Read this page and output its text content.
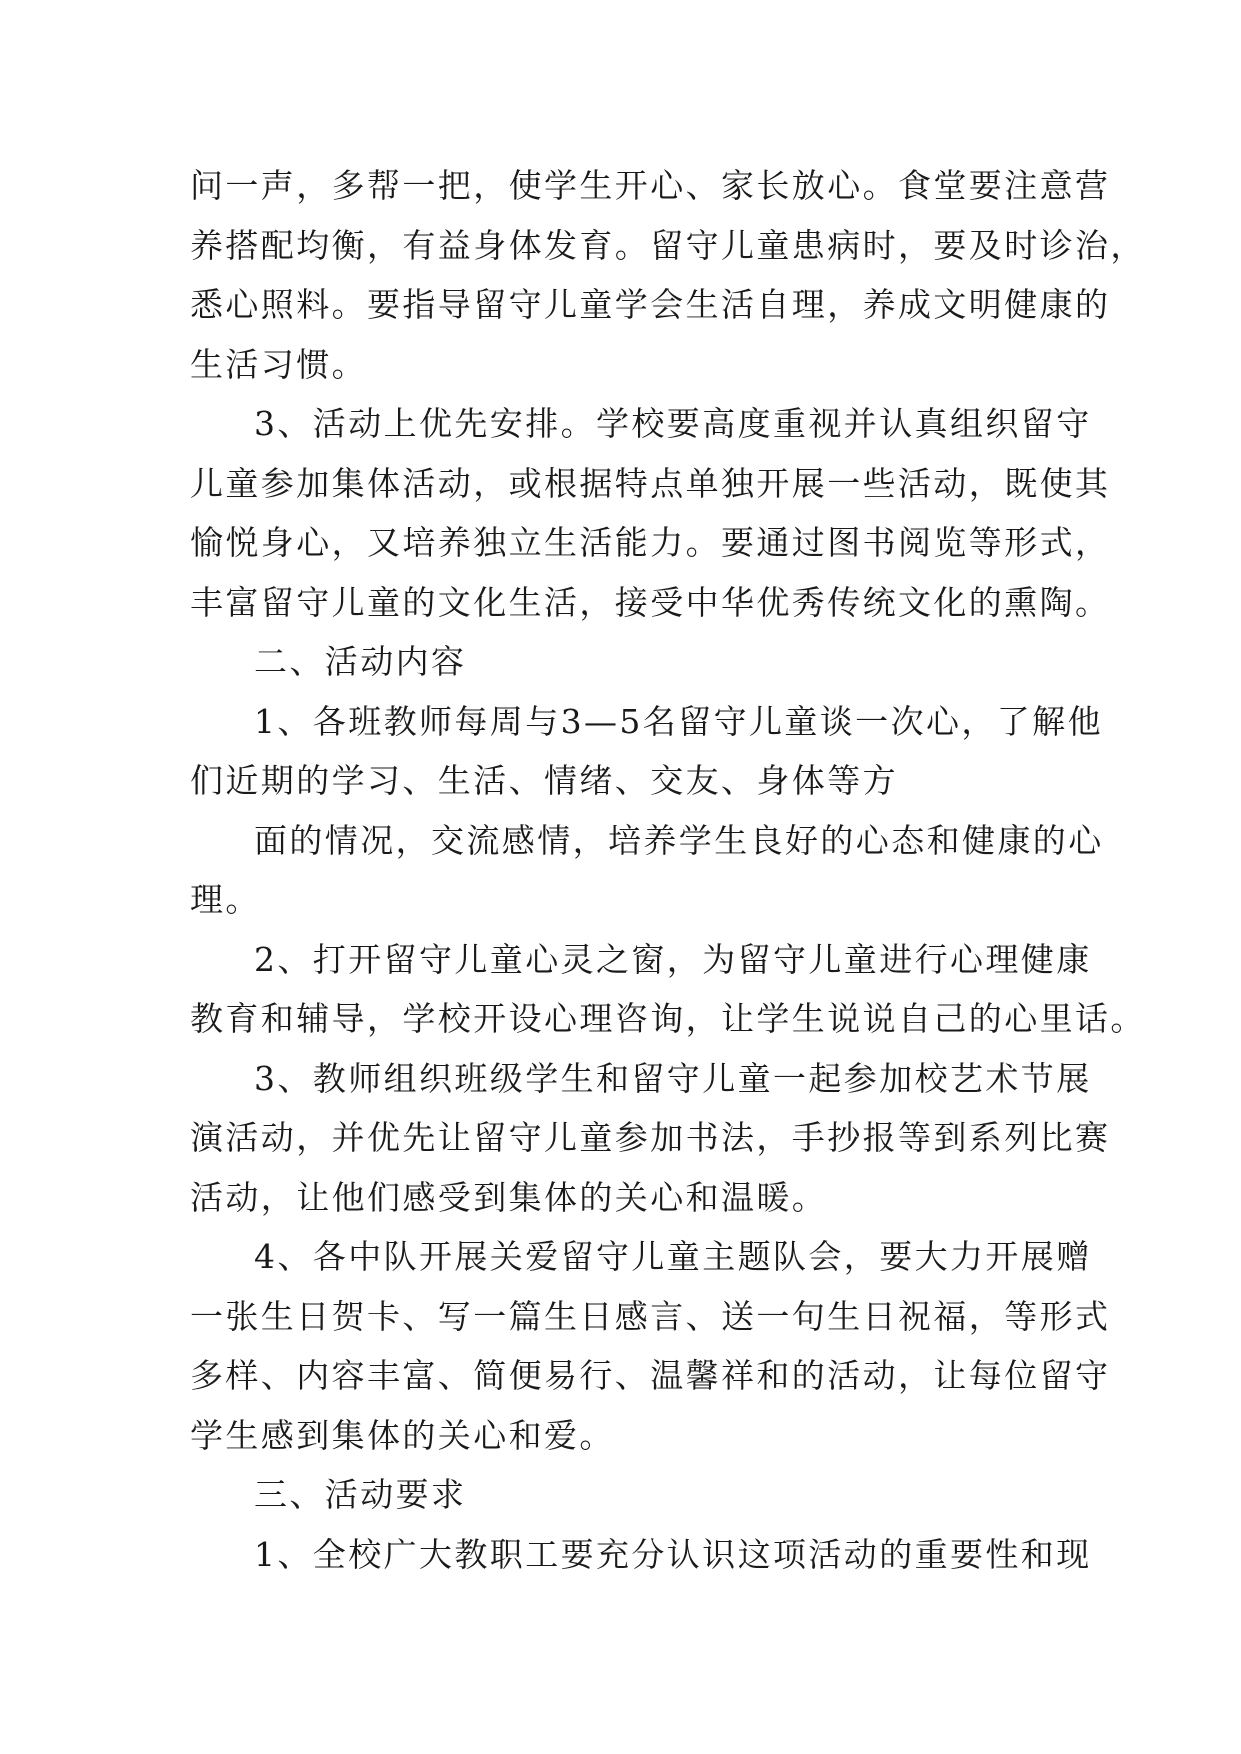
问一声，多帮一把，使学生开心、家长放心。食堂要注意营
养搭配均衡，有益身体发育。留守儿童患病时，要及时诊治，
悉心照料。要指导留守儿童学会生活自理，养成文明健康的
生活习惯。
3、活动上优先安排。学校要高度重视并认真组织留守
儿童参加集体活动，或根据特点单独开展一些活动，既使其
愉悦身心，又培养独立生活能力。要通过图书阅览等形式，
丰富留守儿童的文化生活，接受中华优秀传统文化的熏陶。
二、活动内容
1、各班教师每周与3—5名留守儿童谈一次心，了解他
们近期的学习、生活、情绪、交友、身体等方
面的情况，交流感情，培养学生良好的心态和健康的心
理。
2、打开留守儿童心灵之窗，为留守儿童进行心理健康
教育和辅导，学校开设心理咨询，让学生说说自己的心里话。
3、教师组织班级学生和留守儿童一起参加校艺术节展
演活动，并优先让留守儿童参加书法，手抄报等到系列比赛
活动，让他们感受到集体的关心和温暖。
4、各中队开展关爱留守儿童主题队会，要大力开展赠
一张生日贺卡、写一篇生日感言、送一句生日祝福，等形式
多样、内容丰富、简便易行、温馨祥和的活动，让每位留守
学生感到集体的关心和爱。
三、活动要求
1、全校广大教职工要充分认识这项活动的重要性和现
